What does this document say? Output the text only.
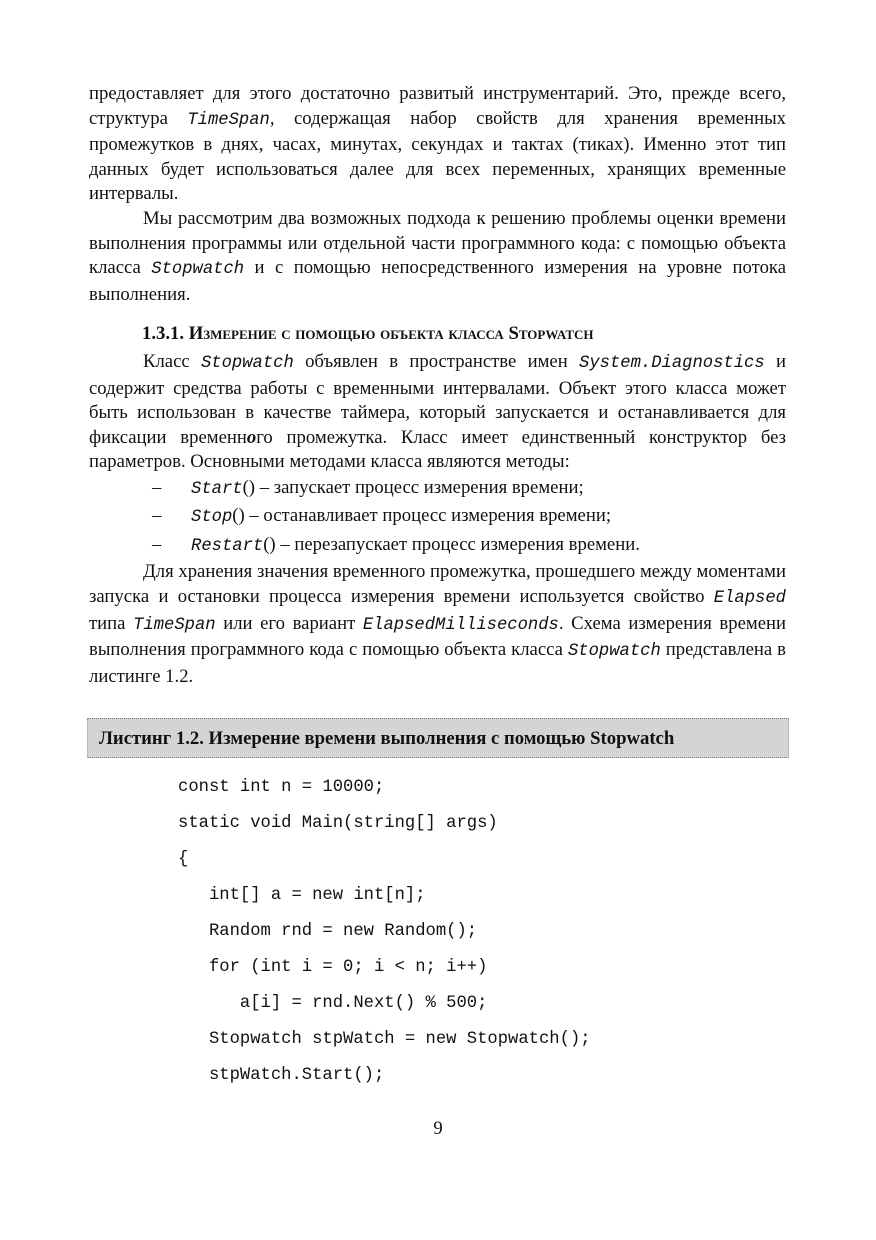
предоставляет для этого достаточно развитый инструментарий. Это, прежде всего, структура TimeSpan, содержащая набор свойств для хранения временных промежутков в днях, часах, минутах, секундах и тактах (тиках). Именно этот тип данных будет использоваться далее для всех переменных, хранящих временные интервалы.

Мы рассмотрим два возможных подхода к решению проблемы оценки времени выполнения программы или отдельной части программного кода: с помощью объекта класса Stopwatch и с помощью непосредственного измерения на уровне потока выполнения.

1.3.1. Измерение с помощью объекта класса Stopwatch

Класс Stopwatch объявлен в пространстве имен System.Diagnostics и содержит средства работы с временными интервалами. Объект этого класса может быть использован в качестве таймера, который запускается и останавливается для фиксации временного промежутка. Класс имеет единственный конструктор без параметров. Основными методами класса являются методы:

– Start() – запускает процесс измерения времени;
– Stop() – останавливает процесс измерения времени;
– Restart() – перезапускает процесс измерения времени.

Для хранения значения временного промежутка, прошедшего между моментами запуска и остановки процесса измерения времени используется свойство Elapsed типа TimeSpan или его вариант ElapsedMilliseconds. Схема измерения времени выполнения программного кода с помощью объекта класса Stopwatch представлена в листинге 1.2.

Листинг 1.2. Измерение времени выполнения с помощью Stopwatch
const int n = 10000;
static void Main(string[] args)
{
int[] a = new int[n];
Random rnd = new Random();
for (int i = 0; i < n; i++)
a[i] = rnd.Next() % 500;
Stopwatch stpWatch = new Stopwatch();
stpWatch.Start();
9
